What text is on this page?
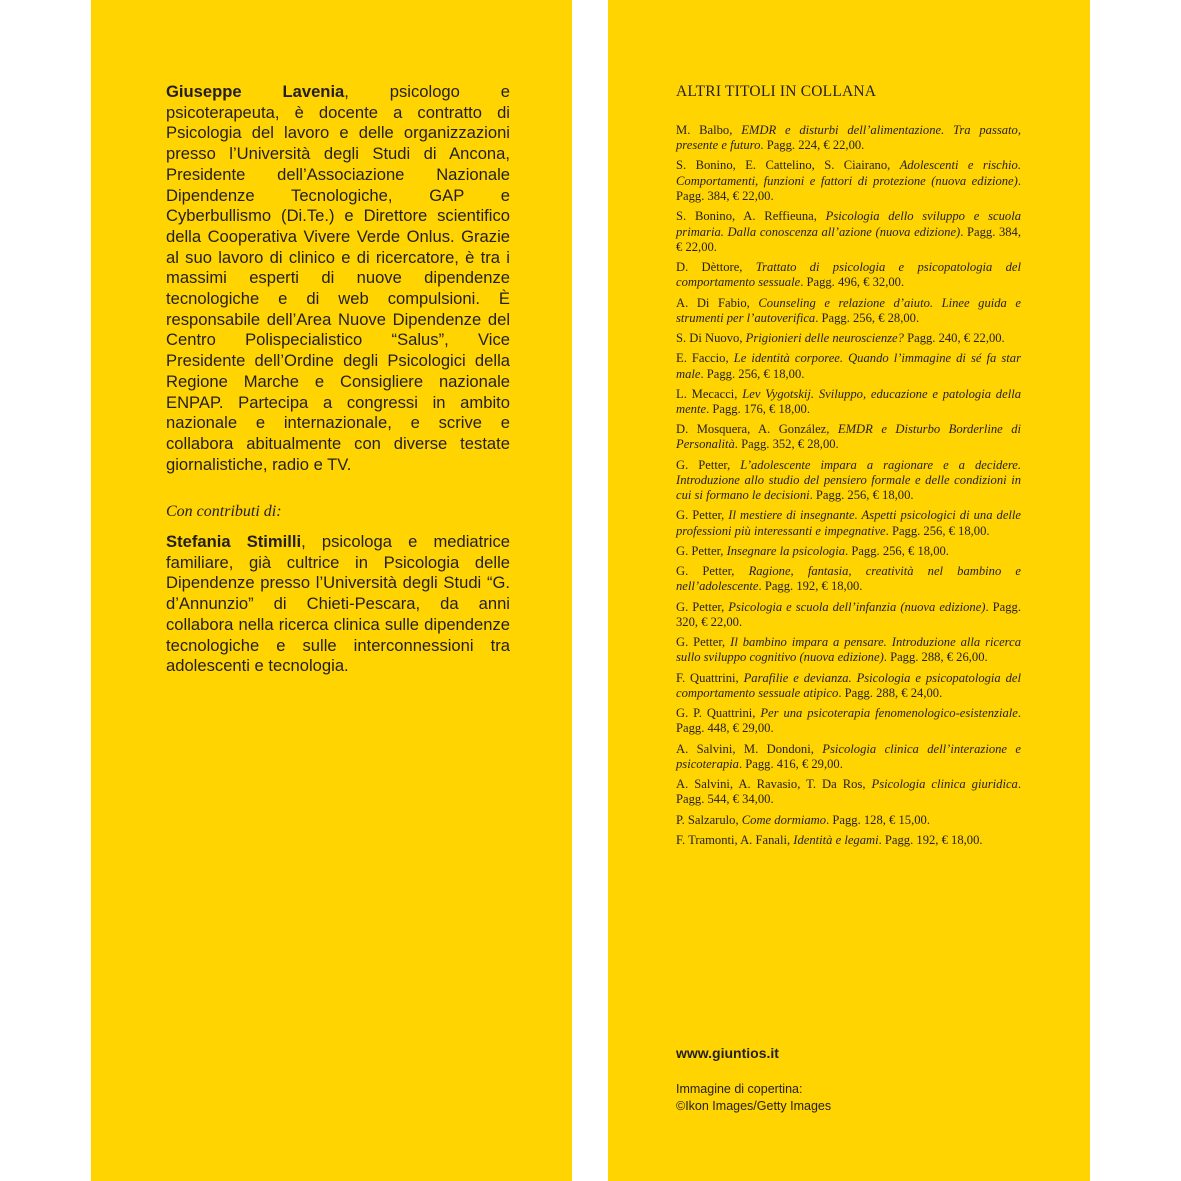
Giuseppe Lavenia, psicologo e psicoterapeuta, è docente a contratto di Psicologia del lavoro e delle organizzazioni presso l’Università degli Studi di Ancona, Presidente dell’Associazione Nazionale Dipendenze Tecnologiche, GAP e Cyberbullismo (Di.Te.) e Direttore scientifico della Cooperativa Vivere Verde Onlus. Grazie al suo lavoro di clinico e di ricercatore, è tra i massimi esperti di nuove dipendenze tecnologiche e di web compulsioni. È responsabile dell’Area Nuove Dipendenze del Centro Polispecialistico “Salus”, Vice Presidente dell’Ordine degli Psicologici della Regione Marche e Consigliere nazionale ENPAP. Partecipa a congressi in ambito nazionale e internazionale, e scrive e collabora abitualmente con diverse testate giornalistiche, radio e TV.

Con contributi di:

Stefania Stimilli, psicologa e mediatrice familiare, già cultrice in Psicologia delle Dipendenze presso l’Università degli Studi “G. d’Annunzio” di Chieti-Pescara, da anni collabora nella ricerca clinica sulle dipendenze tecnologiche e sulle interconnessioni tra adolescenti e tecnologia.

ALTRI TITOLI IN COLLANA
M. Balbo, EMDR e disturbi dell’alimentazione. Tra passato, presente e futuro. Pagg. 224, € 22,00.
S. Bonino, E. Cattelino, S. Ciairano, Adolescenti e rischio. Comportamenti, funzioni e fattori di protezione (nuova edizione). Pagg. 384, € 22,00.
S. Bonino, A. Reffieuna, Psicologia dello sviluppo e scuola primaria. Dalla conoscenza all’azione (nuova edizione). Pagg. 384, € 22,00.
D. Dèttore, Trattato di psicologia e psicopatologia del comportamento sessuale. Pagg. 496, € 32,00.
A. Di Fabio, Counseling e relazione d’aiuto. Linee guida e strumenti per l’autoverifica. Pagg. 256, € 28,00.
S. Di Nuovo, Prigionieri delle neuroscienze? Pagg. 240, € 22,00.
E. Faccio, Le identità corporee. Quando l’immagine di sé fa star male. Pagg. 256, € 18,00.
L. Mecacci, Lev Vygotskij. Sviluppo, educazione e patologia della mente. Pagg. 176, € 18,00.
D. Mosquera, A. González, EMDR e Disturbo Borderline di Personalità. Pagg. 352, € 28,00.
G. Petter, L’adolescente impara a ragionare e a decidere. Introduzione allo studio del pensiero formale e delle condizioni in cui si formano le decisioni. Pagg. 256, € 18,00.
G. Petter, Il mestiere di insegnante. Aspetti psicologici di una delle professioni più interessanti e impegnative. Pagg. 256, € 18,00.
G. Petter, Insegnare la psicologia. Pagg. 256, € 18,00.
G. Petter, Ragione, fantasia, creatività nel bambino e nell’adolescente. Pagg. 192, € 18,00.
G. Petter, Psicologia e scuola dell’infanzia (nuova edizione). Pagg. 320, € 22,00.
G. Petter, Il bambino impara a pensare. Introduzione alla ricerca sullo sviluppo cognitivo (nuova edizione). Pagg. 288, € 26,00.
F. Quattrini, Parafilie e devianza. Psicologia e psicopatologia del comportamento sessuale atipico. Pagg. 288, € 24,00.
G. P. Quattrini, Per una psicoterapia fenomenologico-esistenziale. Pagg. 448, € 29,00.
A. Salvini, M. Dondoni, Psicologia clinica dell’interazione e psicoterapia. Pagg. 416, € 29,00.
A. Salvini, A. Ravasio, T. Da Ros, Psicologia clinica giuridica. Pagg. 544, € 34,00.
P. Salzarulo, Come dormiamo. Pagg. 128, € 15,00.
F. Tramonti, A. Fanali, Identità e legami. Pagg. 192, € 18,00.
www.giuntios.it
Immagine di copertina:
©Ikon Images/Getty Images
